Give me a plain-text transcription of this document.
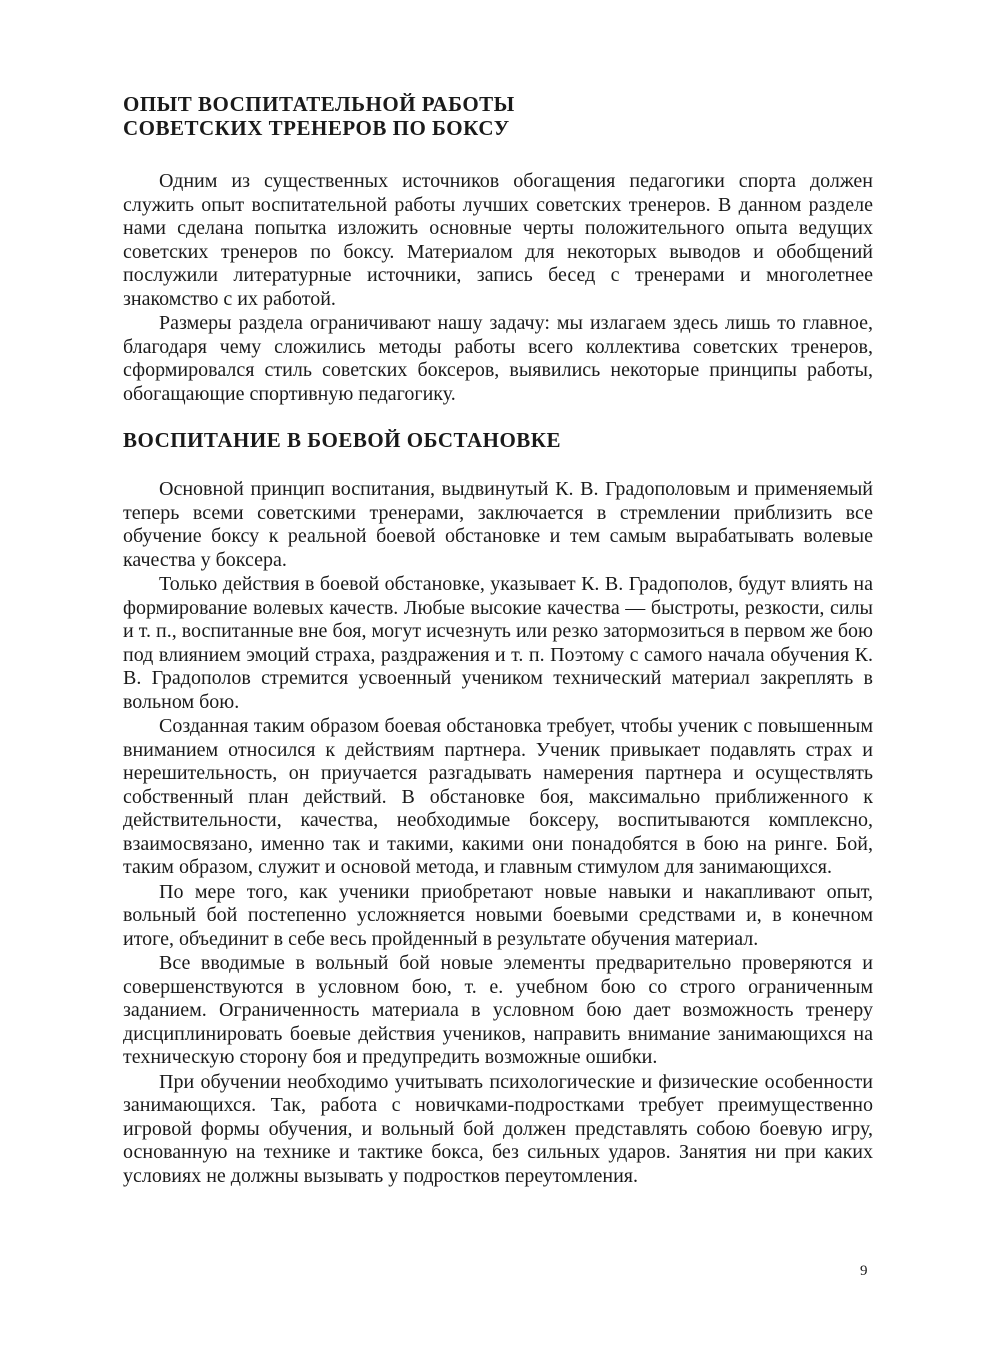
ОПЫТ ВОСПИТАТЕЛЬНОЙ РАБОТЫ
СОВЕТСКИХ ТРЕНЕРОВ ПО БОКСУ

Одним из существенных источников обогащения педагогики спорта должен служить опыт воспитательной работы лучших советских тренеров. В данном разделе нами сделана попытка изложить основные черты положительного опыта ведущих советских тренеров по боксу. Материалом для некоторых выводов и обобщений послужили литературные источники, запись бесед с тренерами и многолетнее знакомство с их работой.

Размеры раздела ограничивают нашу задачу: мы излагаем здесь лишь то главное, благодаря чему сложились методы работы всего коллектива советских тренеров, сформировался стиль советских боксеров, выявились некоторые принципы работы, обогащающие спортивную педагогику.

ВОСПИТАНИЕ В БОЕВОЙ ОБСТАНОВКЕ

Основной принцип воспитания, выдвинутый К. В. Градополовым и применяемый теперь всеми советскими тренерами, заключается в стремлении приблизить все обучение боксу к реальной боевой обстановке и тем самым вырабатывать волевые качества у боксера.

Только действия в боевой обстановке, указывает К. В. Градополов, будут влиять на формирование волевых качеств. Любые высокие качества — быстроты, резкости, силы и т. п., воспитанные вне боя, могут исчезнуть или резко затормозиться в первом же бою под влиянием эмоций страха, раздражения и т. п. Поэтому с самого начала обучения К. В. Градополов стремится усвоенный учеником технический материал закреплять в вольном бою.

Созданная таким образом боевая обстановка требует, чтобы ученик с повышенным вниманием относился к действиям партнера. Ученик привыкает подавлять страх и нерешительность, он приучается разгадывать намерения партнера и осуществлять собственный план действий. В обстановке боя, максимально приближенного к действительности, качества, необходимые боксеру, воспитываются комплексно, взаимосвязано, именно так и такими, какими они понадобятся в бою на ринге. Бой, таким образом, служит и основой метода, и главным стимулом для занимающихся.

По мере того, как ученики приобретают новые навыки и накапливают опыт, вольный бой постепенно усложняется новыми боевыми средствами и, в конечном итоге, объединит в себе весь пройденный в результате обучения материал.

Все вводимые в вольный бой новые элементы предварительно проверяются и совершенствуются в условном бою, т. е. учебном бою со строго ограниченным заданием. Ограниченность материала в условном бою дает возможность тренеру дисциплинировать боевые действия учеников, направить внимание занимающихся на техническую сторону боя и предупредить возможные ошибки.

При обучении необходимо учитывать психологические и физические особенности занимающихся. Так, работа с новичками-подростками требует преимущественно игровой формы обучения, и вольный бой должен представлять собою боевую игру, основанную на технике и тактике бокса, без сильных ударов. Занятия ни при каких условиях не должны вызывать у подростков переутомления.

9
